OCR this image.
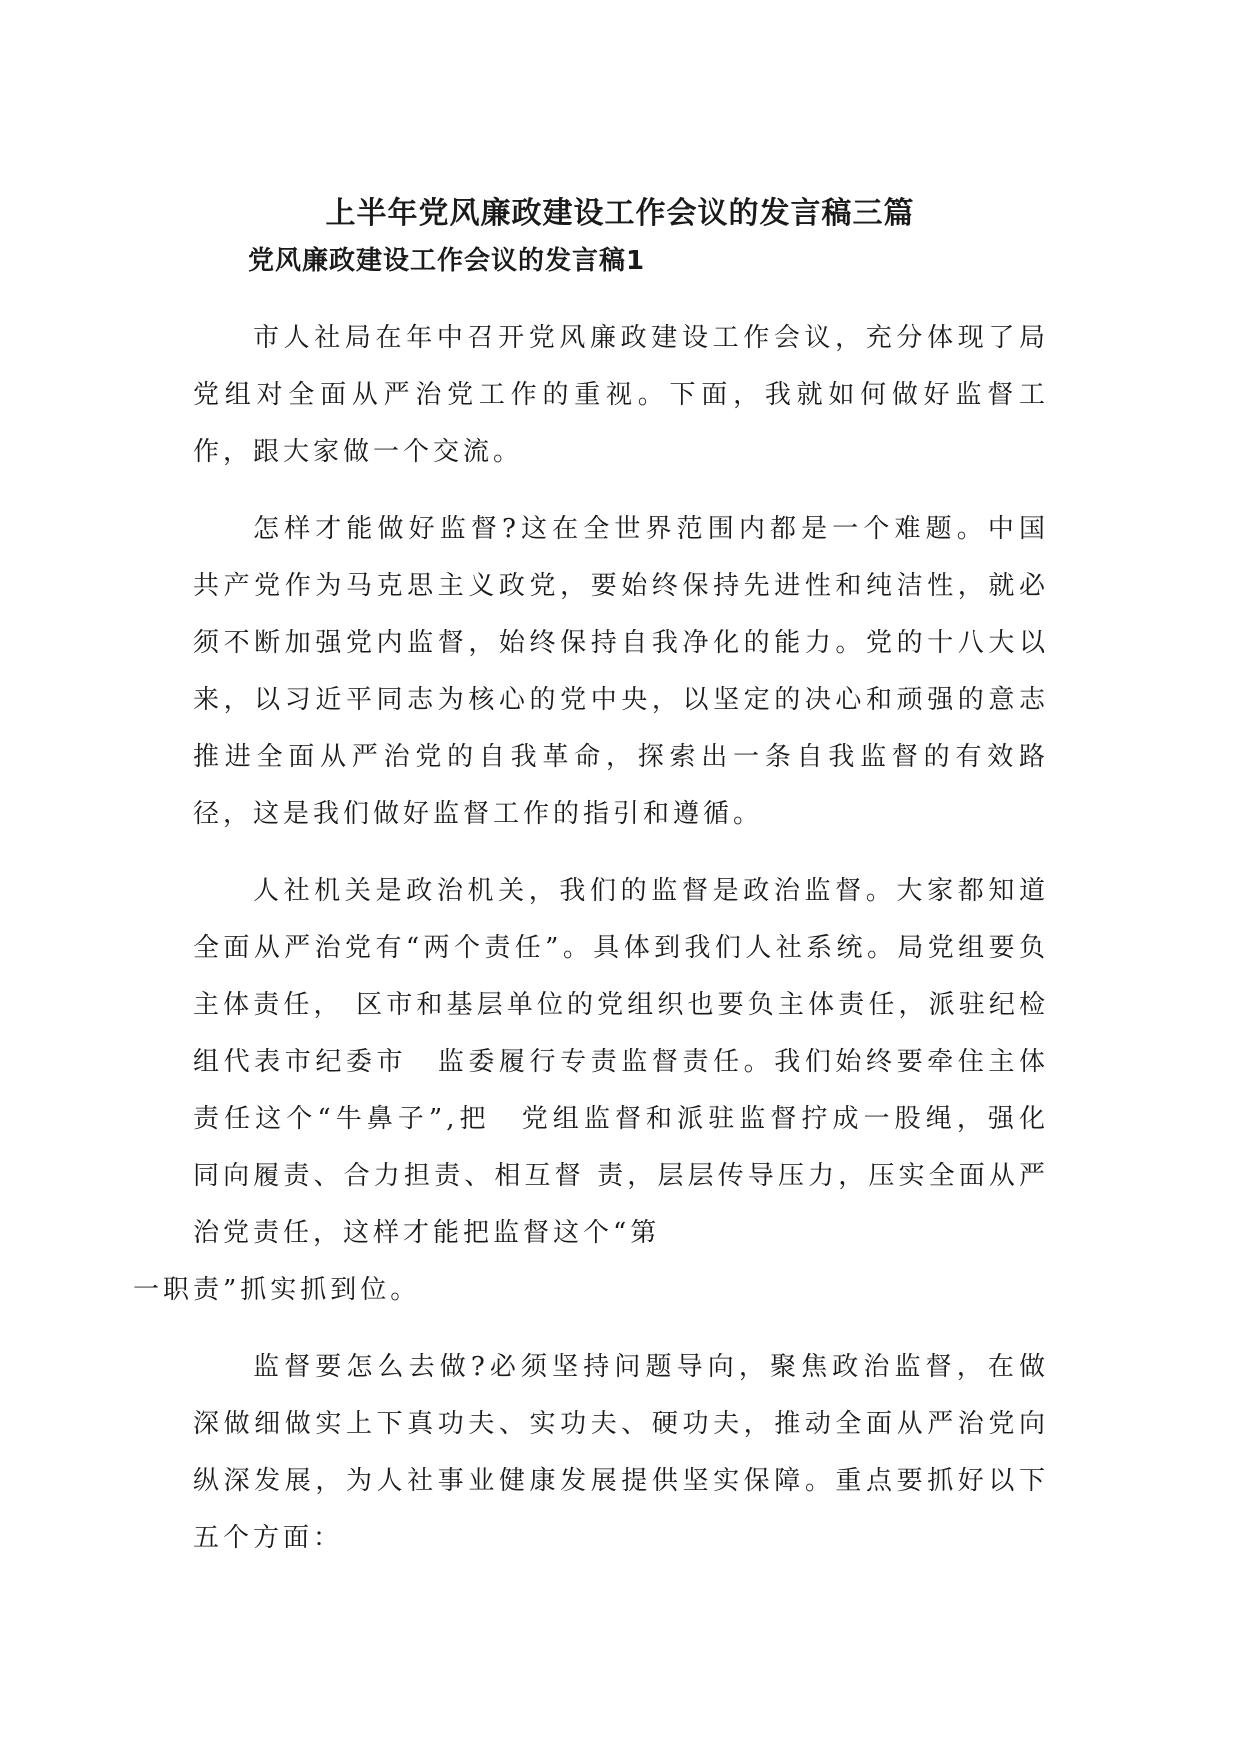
上半年党风廉政建设工作会议的发言稿三篇
党风廉政建设工作会议的发言稿1

市人社局在年中召开党风廉政建设工作会议，充分体现了局党组对全面从严治党工作的重视。下面，我就如何做好监督工作，跟大家做一个交流。

怎样才能做好监督?这在全世界范围内都是一个难题。中国共产党作为马克思主义政党，要始终保持先进性和纯洁性，就必须不断加强党内监督，始终保持自我净化的能力。党的十八大以来，以习近平同志为核心的党中央，以坚定的决心和顽强的意志推进全面从严治党的自我革命，探索出一条自我监督的有效路径，这是我们做好监督工作的指引和遵循。

人社机关是政治机关，我们的监督是政治监督。大家都知道全面从严治党有“两个责任”。具体到我们人社系统。局党组要负主体责任， 区市和基层单位的党组织也要负主体责任，派驻纪检组代表市纪委市　监委履行专责监督责任。我们始终要牵住主体责任这个“牛鼻子”,把　党组监督和派驻监督拧成一股绳，强化同向履责、合力担责、相互督 责，层层传导压力，压实全面从严治党责任，这样才能把监督这个“第
一职责”抓实抓到位。

监督要怎么去做?必须坚持问题导向，聚焦政治监督，在做深做细做实上下真功夫、实功夫、硬功夫，推动全面从严治党向纵深发展，为人社事业健康发展提供坚实保障。重点要抓好以下五个方面：
